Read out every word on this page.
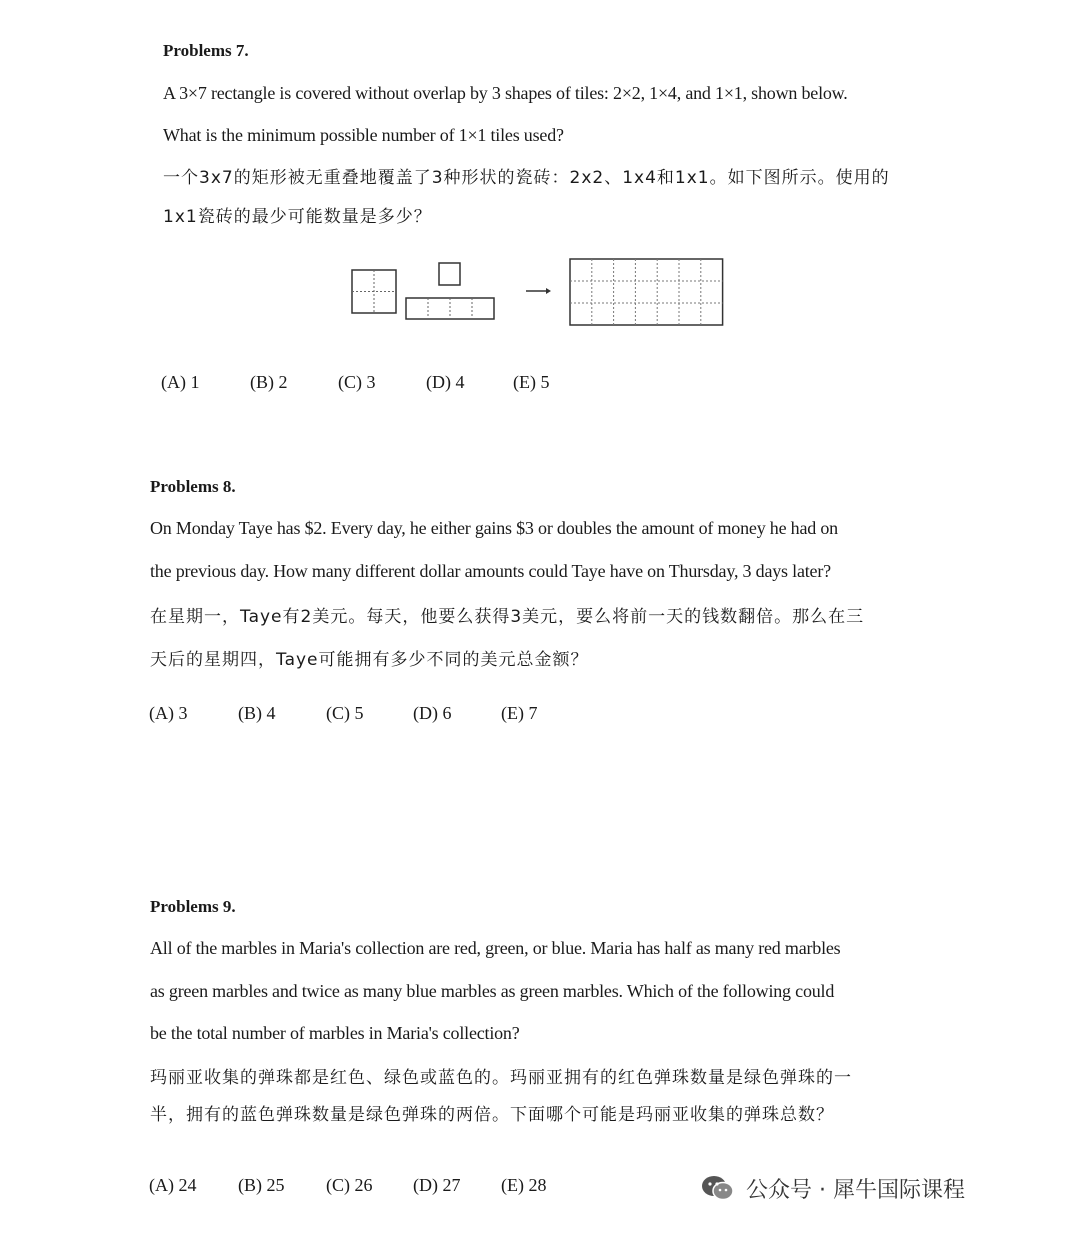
Problems 7.
A 3×7 rectangle is covered without overlap by 3 shapes of tiles: 2×2, 1×4, and 1×1, shown below.
What is the minimum possible number of 1×1 tiles used?
一个3x7的矩形被无重叠地覆盖了3种形状的瓷砖：2x2、1x4和1x1。如下图所示。使用的
1x1瓷砖的最少可能数量是多少？
(A) 1	(B) 2	(C) 3	(D) 4	(E) 5
Problems 8.
On Monday Taye has $2. Every day, he either gains $3 or doubles the amount of money he had on
the previous day. How many different dollar amounts could Taye have on Thursday, 3 days later?
在星期一，Taye有2美元。每天，他要么获得3美元，要么将前一天的钱数翻倍。那么在三
天后的星期四，Taye可能拥有多少不同的美元总金额？
(A) 3	(B) 4	(C) 5	(D) 6	(E) 7
Problems 9.
All of the marbles in Maria's collection are red, green, or blue. Maria has half as many red marbles
as green marbles and twice as many blue marbles as green marbles. Which of the following could
be the total number of marbles in Maria's collection?
玛丽亚收集的弹珠都是红色、绿色或蓝色的。玛丽亚拥有的红色弹珠数量是绿色弹珠的一
半，拥有的蓝色弹珠数量是绿色弹珠的两倍。下面哪个可能是玛丽亚收集的弹珠总数？
(A) 24 (B) 25 (C) 26 (D) 27 (E) 28	公众号 · 犀牛国际课程
